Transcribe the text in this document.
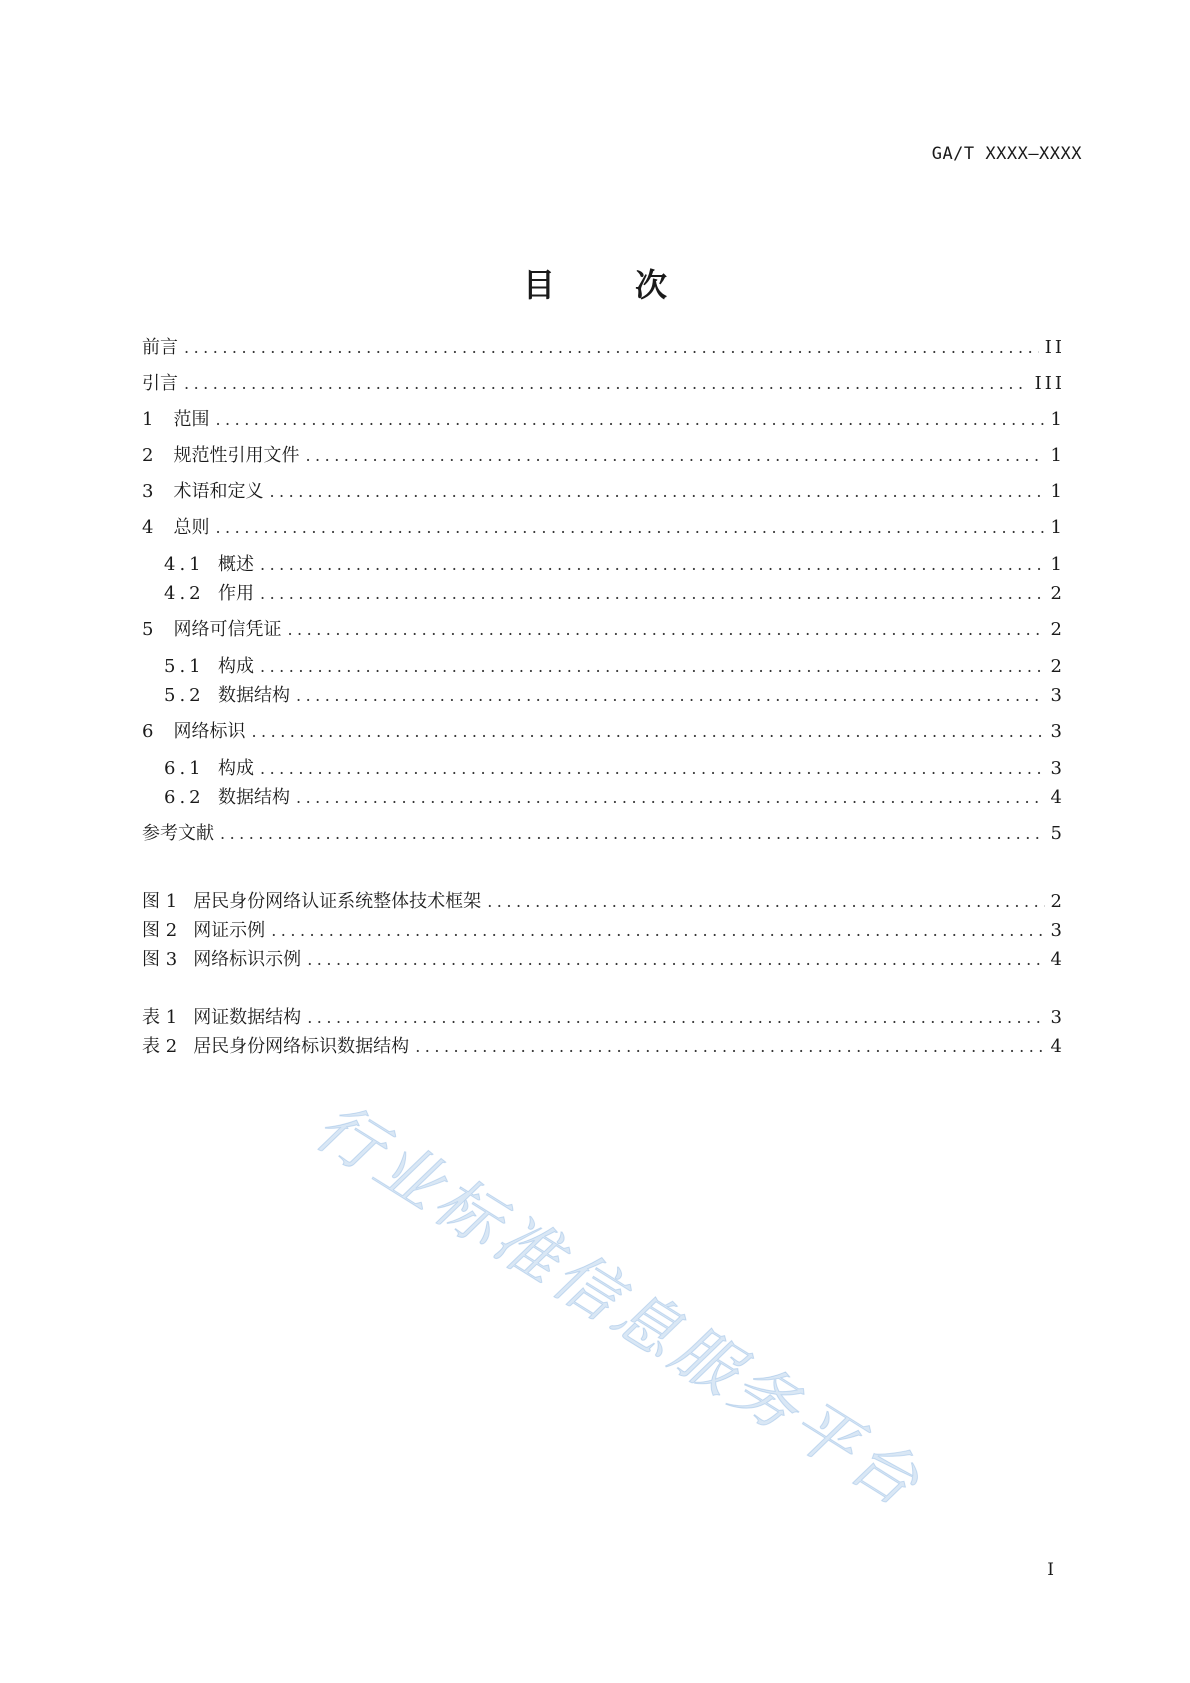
GA/T XXXX—XXXX
目　次
前言 .....	II
引言 .....	III
1 范围 .....	1
2 规范性引用文件 .....	1
3 术语和定义 .....	1
4 总则 .....	1
4.1 概述 .....	1
4.2 作用 .....	2
5 网络可信凭证 .....	2
5.1 构成 .....	2
5.2 数据结构 .....	3
6 网络标识 .....	3
6.1 构成 .....	3
6.2 数据结构 .....	4
参考文献 .....	5
图 1 居民身份网络认证系统整体技术框架 .....	2
图 2 网证示例 .....	3
图 3 网络标识示例 .....	4
表 1 网证数据结构 .....	3
表 2 居民身份网络标识数据结构 .....	4
行业标准信息服务平台
I
